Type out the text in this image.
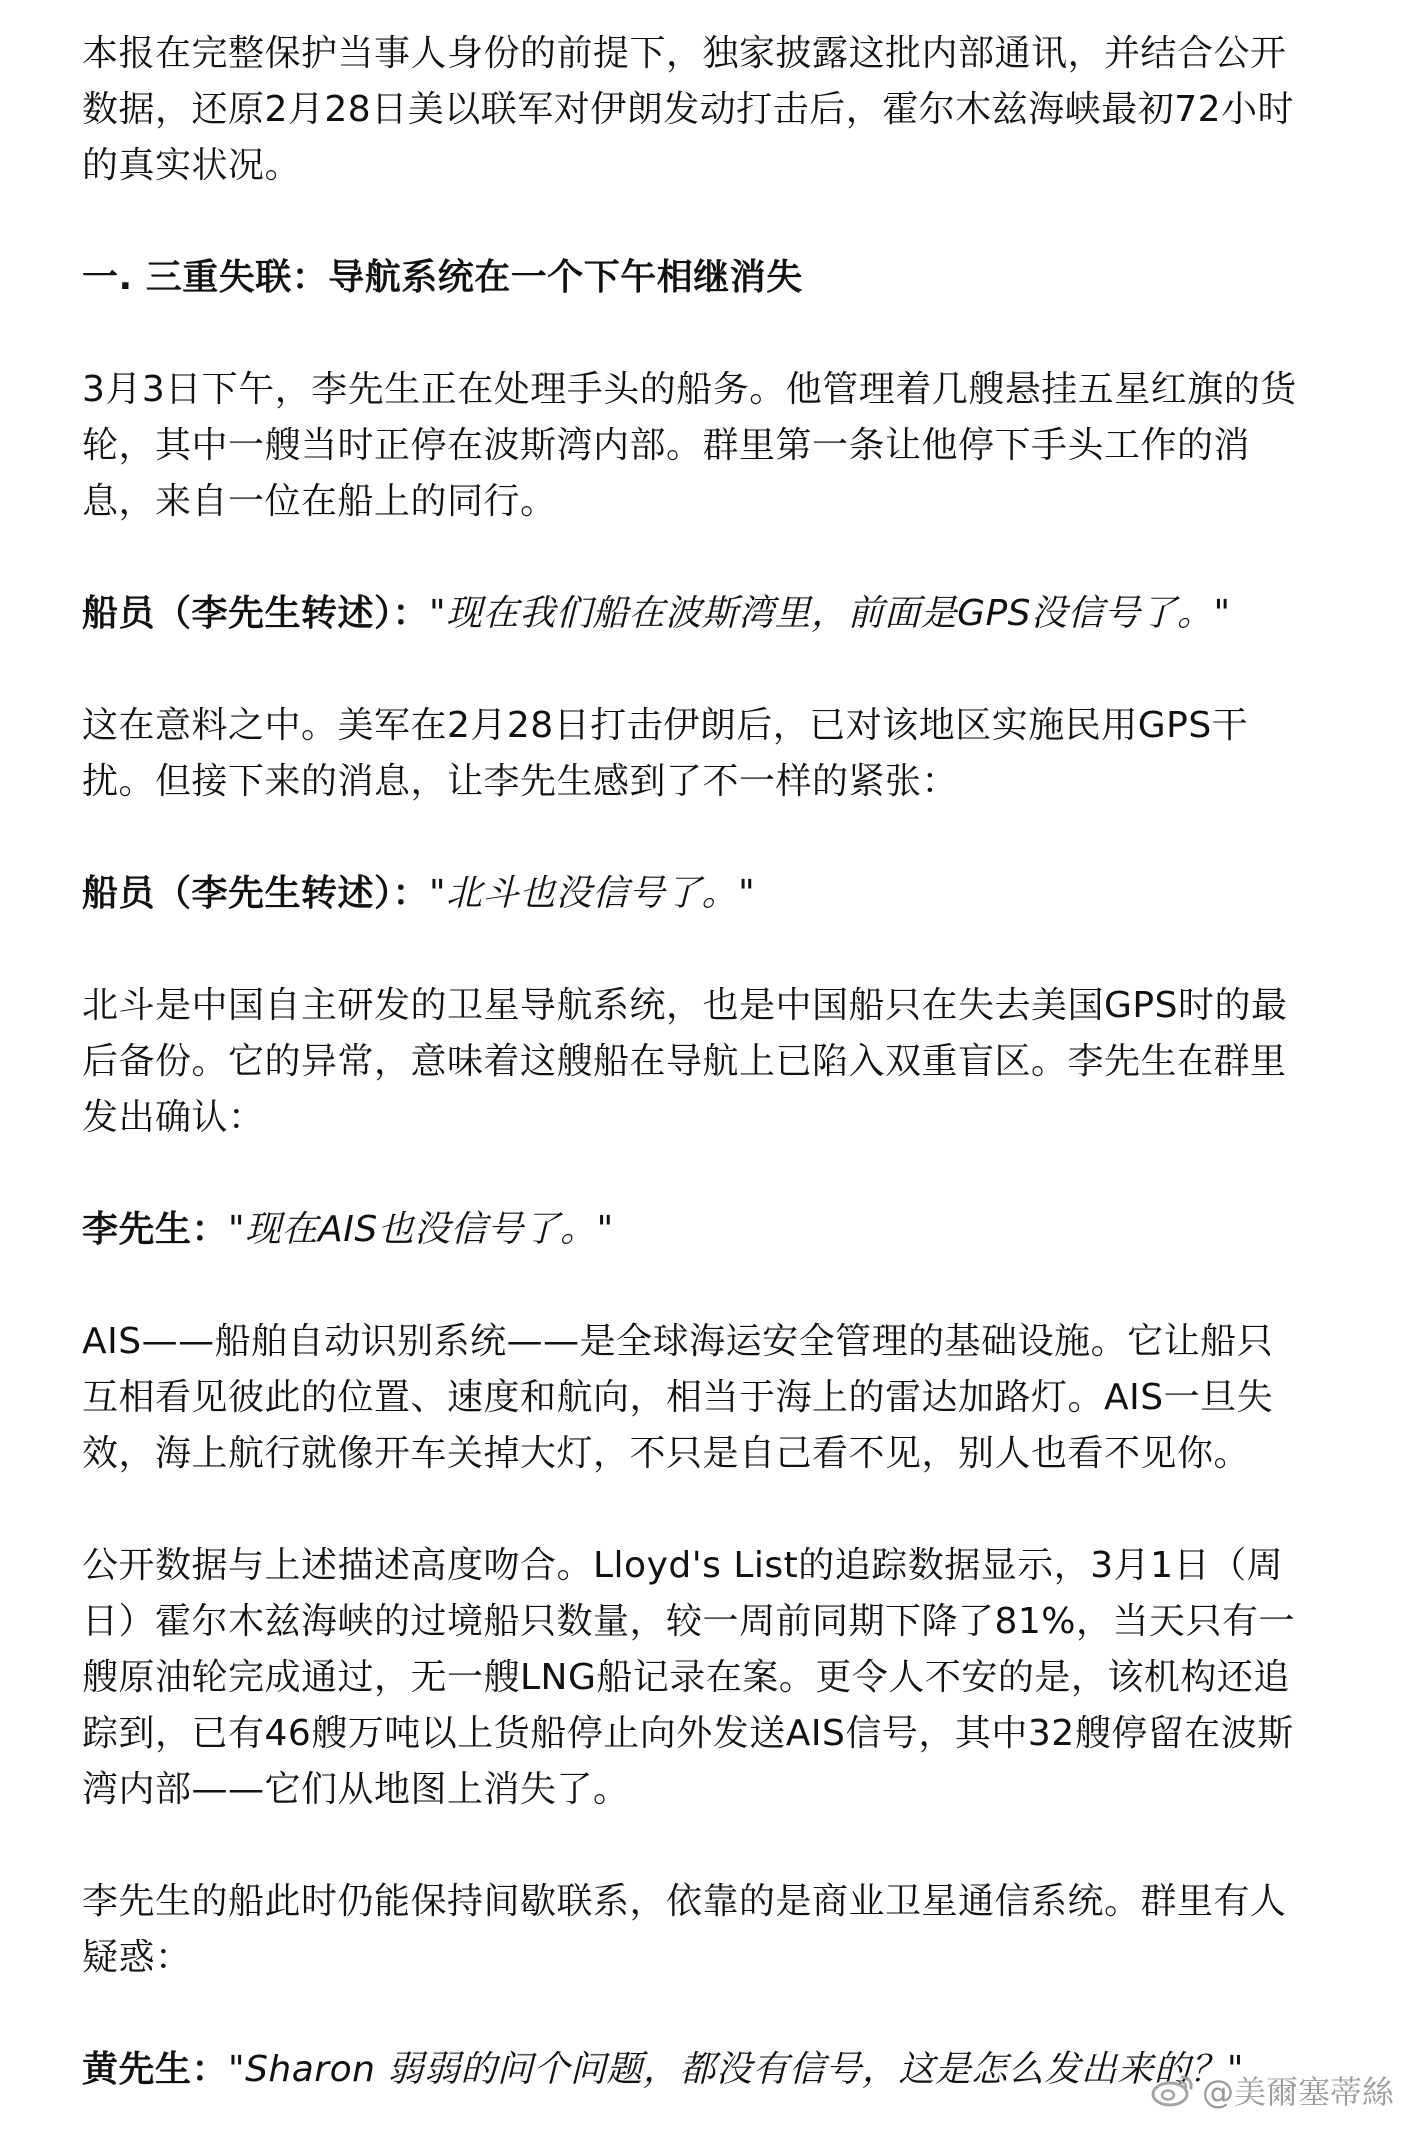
本报在完整保护当事人身份的前提下，独家披露这批内部通讯，并结合公开数据，还原2月28日美以联军对伊朗发动打击后，霍尔木兹海峡最初72小时的真实状况。

一. 三重失联：导航系统在一个下午相继消失

3月3日下午，李先生正在处理手头的船务。他管理着几艘悬挂五星红旗的货轮，其中一艘当时正停在波斯湾内部。群里第一条让他停下手头工作的消息，来自一位在船上的同行。

船员（李先生转述）："现在我们船在波斯湾里，前面是GPS没信号了。"

这在意料之中。美军在2月28日打击伊朗后，已对该地区实施民用GPS干扰。但接下来的消息，让李先生感到了不一样的紧张：

船员（李先生转述）："北斗也没信号了。"

北斗是中国自主研发的卫星导航系统，也是中国船只在失去美国GPS时的最后备份。它的异常，意味着这艘船在导航上已陷入双重盲区。李先生在群里发出确认：

李先生："现在AIS也没信号了。"

AIS——船舶自动识别系统——是全球海运安全管理的基础设施。它让船只互相看见彼此的位置、速度和航向，相当于海上的雷达加路灯。AIS一旦失效，海上航行就像开车关掉大灯，不只是自己看不见，别人也看不见你。

公开数据与上述描述高度吻合。Lloyd's List的追踪数据显示，3月1日（周日）霍尔木兹海峡的过境船只数量，较一周前同期下降了81%，当天只有一艘原油轮完成通过，无一艘LNG船记录在案。更令人不安的是，该机构还追踪到，已有46艘万吨以上货船停止向外发送AIS信号，其中32艘停留在波斯湾内部——它们从地图上消失了。

李先生的船此时仍能保持间歇联系，依靠的是商业卫星通信系统。群里有人疑惑：

黄先生："Sharon 弱弱的问个问题，都没有信号，这是怎么发出来的？"

@美爾塞蒂絲
